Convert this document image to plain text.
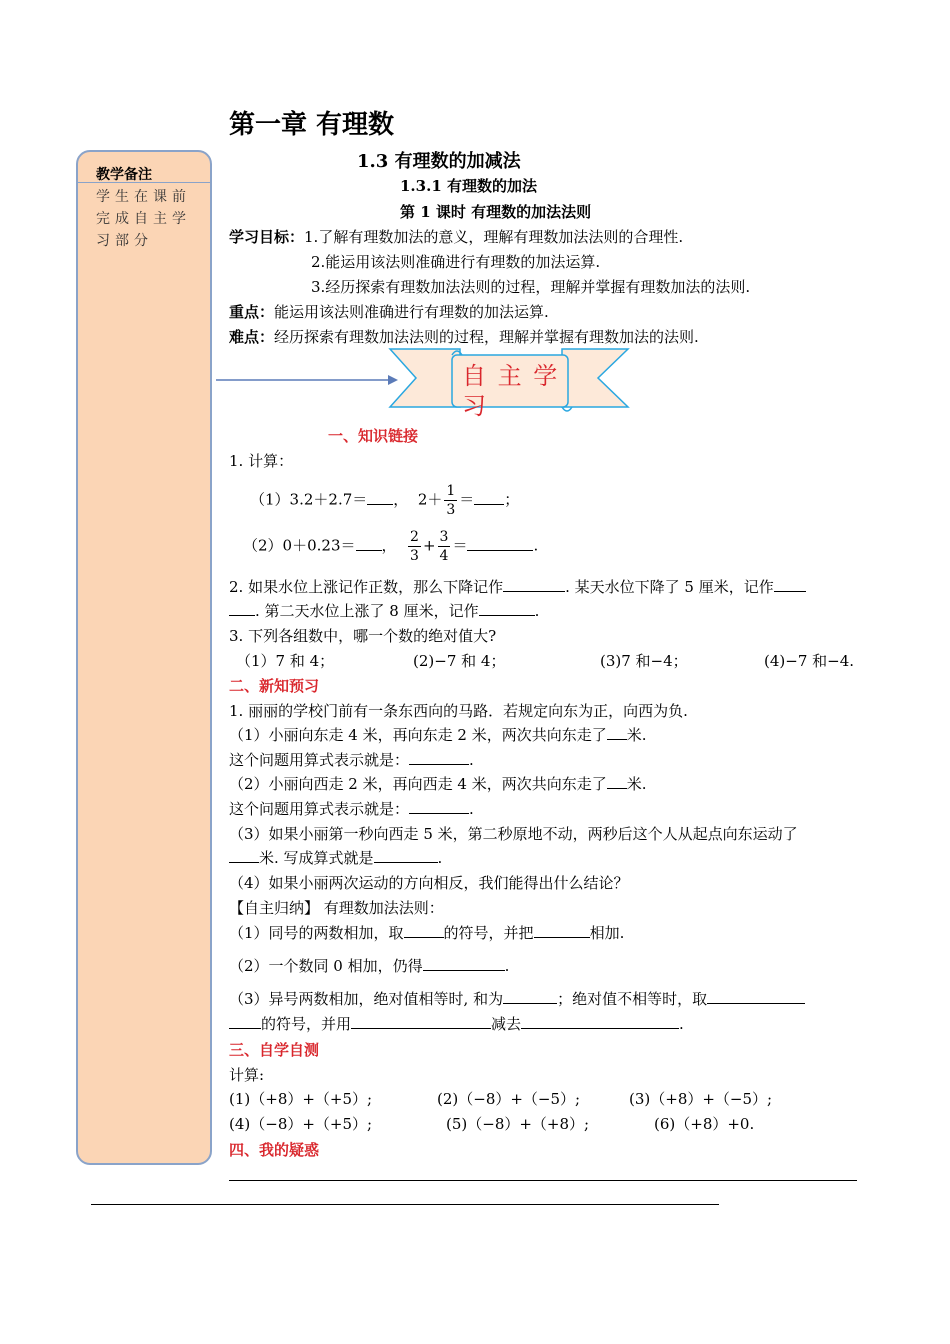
教学备注
学生在课前完成自主学习部分
第一章 有理数
1.3 有理数的加减法
1.3.1 有理数的加法
第 1 课时 有理数的加法法则
学习目标：1.了解有理数加法的意义，理解有理数加法法则的合理性.
2.能运用该法则准确进行有理数的加法运算.
3.经历探索有理数加法法则的过程，理解并掌握有理数加法的法则.
重点：能运用该法则准确进行有理数的加法运算.
难点：经历探索有理数加法法则的过程，理解并掌握有理数加法的法则.
自 主 学 习
一、知识链接
1. 计算：
（1）3.2＋2.7＝ ，  $2+ \frac{1}{3}$ ＝ ；
（2）0＋0.23＝ ， $\frac{2}{3} + \frac{3}{4}$ ＝	.
2. 如果水位上涨记作正数，那么下降记作	. 某天水位下降了 5 厘米，记作
. 第二天水位上涨了 8 厘米，记作	.
3. 下列各组数中，哪一个数的绝对值大?
（1）7 和 4；	(2)−7 和 4；	(3)7 和−4；	(4)−7 和−4.
二、新知预习
1. 丽丽的学校门前有一条东西向的马路．若规定向东为正，向西为负.
（1）小丽向东走 4 米，再向东走 2 米，两次共向东走了 米.
这个问题用算式表示就是：	.
（2）小丽向西走 2 米，再向西走 4 米，两次共向东走了 米.
这个问题用算式表示就是：	.
（3）如果小丽第一秒向西走 5 米，第二秒原地不动，两秒后这个人从起点向东运动了
米. 写成算式就是	.
（4）如果小丽两次运动的方向相反，我们能得出什么结论？
【自主归纳】 有理数加法法则：
（1）同号的两数相加，取	的符号，并把	相加.
（2）一个数同 0 相加，仍得	.
（3）异号两数相加，绝对值相等时, 和为	；绝对值不相等时，取
的符号，并用	减去	.
三、自学自测
计算:
(1)（+8）+（+5）;	(2)（−8）+（−5）;	(3)（+8）+（−5）;
(4)（−8）+（+5）;	(5)（−8）+（+8）;	(6)（+8）+0.
四、我的疑惑
